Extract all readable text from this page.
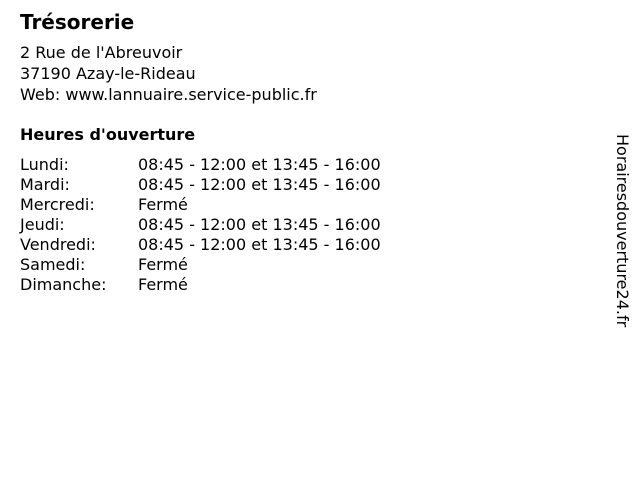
Trésorerie
2 Rue de l'Abreuvoir
37190 Azay-le-Rideau
Web: www.lannuaire.service-public.fr
Heures d'ouverture
Lundi:	08:45 - 12:00 et 13:45 - 16:00
Mardi:	08:45 - 12:00 et 13:45 - 16:00
Mercredi:	Fermé
Jeudi:	08:45 - 12:00 et 13:45 - 16:00
Vendredi:	08:45 - 12:00 et 13:45 - 16:00
Samedi:	Fermé
Dimanche:	Fermé	Horairesdouverture24.fr
